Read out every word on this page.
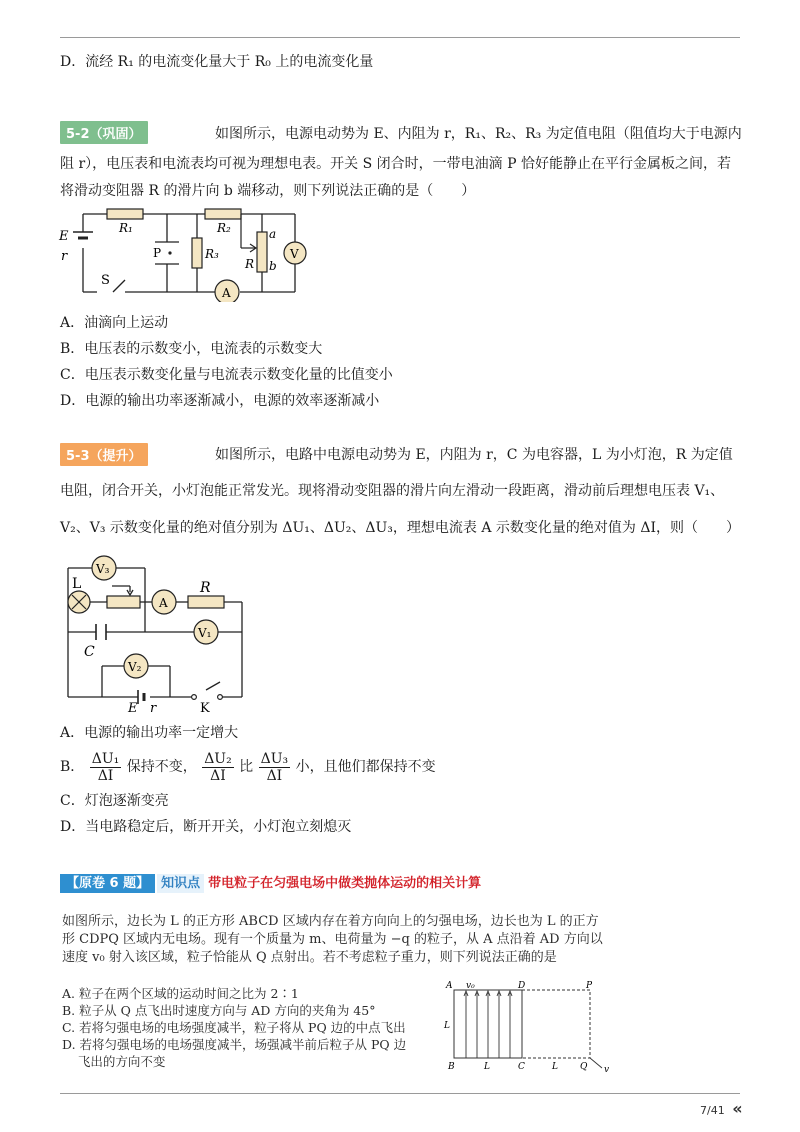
D．流经 R₁ 的电流变化量大于 R₀ 上的电流变化量
5-2（巩固）	如图所示，电源电动势为 E、内阻为 r，R₁、R₂、R₃ 为定值电阻（阻值均大于电源内
阻 r），电压表和电流表均可视为理想电表。开关 S 闭合时，一带电油滴 P 恰好能静止在平行金属板之间，若
将滑动变阻器 R 的滑片向 b 端移动，则下列说法正确的是（　　）
E
r
R₁	R₂
R₃
P
a
b
R
V
A
S
A．油滴向上运动
B．电压表的示数变小，电流表的示数变大
C．电压表示数变化量与电流表示数变化量的比值变小
D．电源的输出功率逐渐减小，电源的效率逐渐减小
5-3（提升）	如图所示，电路中电源电动势为 E，内阻为 r，C 为电容器，L 为小灯泡，R 为定值
电阻，闭合开关，小灯泡能正常发光。现将滑动变阻器的滑片向左滑动一段距离，滑动前后理想电压表 V₁、
V₂、V₃ 示数变化量的绝对值分别为 ΔU₁、ΔU₂、ΔU₃，理想电流表 A 示数变化量的绝对值为 ΔI，则（　　）
V₃
L
A
R
V₁
C
V₂
E r	K
A．电源的输出功率一定增大
B． $\frac{\text{ΔU₁}}{\Delta I}$ 保持不变， $\frac{\text{ΔU₂}}{\Delta I}$ 比 $\frac{\text{ΔU₃}}{\Delta I}$ 小，且他们都保持不变
C．灯泡逐渐变亮
D．当电路稳定后，断开开关，小灯泡立刻熄灭
【原卷 6 题】 知识点 带电粒子在匀强电场中做类抛体运动的相关计算
如图所示，边长为 L 的正方形 ABCD 区域内存在着方向向上的匀强电场，边长也为 L 的正方
形 CDPQ 区域内无电场。现有一个质量为 m、电荷量为 −q 的粒子，从 A 点沿着 AD 方向以
速度 v₀ 射入该区域，粒子恰能从 Q 点射出。若不考虑粒子重力，则下列说法正确的是
A. 粒子在两个区域的运动时间之比为 2∶1
B. 粒子从 Q 点飞出时速度方向与 AD 方向的夹角为 45°
C. 若将匀强电场的电场强度减半，粒子将从 PQ 边的中点飞出
D. 若将匀强电场的电场强度减半，场强减半前后粒子从 PQ 边
飞出的方向不变
A v₀	D	P
L
B	L	C	L Q v
7/41 «
